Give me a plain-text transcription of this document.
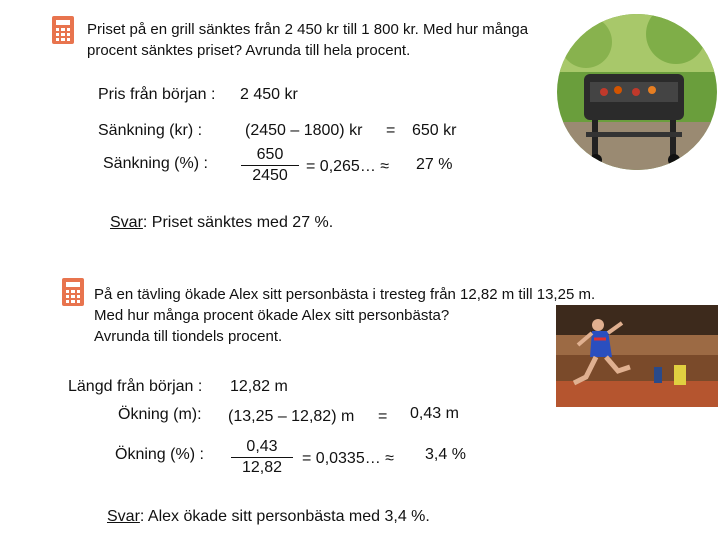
Priset på en grill sänktes från 2 450 kr till 1 800 kr. Med hur många
procent sänktes priset? Avrunda till hela procent.
Pris från början : 2 450 kr
Sänkning (kr) :	(2450 – 1800) kr = 650 kr
Sänkning (%) : $\frac{650}{2450}$ = 0,265… ≈ 27 %
Svar: Priset sänktes med 27 %.
På en tävling ökade Alex sitt personbästa i tresteg från 12,82 m till 13,25 m.
Med hur många procent ökade Alex sitt personbästa?
Avrunda till tiondels procent.
Längd från början : 12,82 m
Ökning (m): (13,25 – 12,82) m = 0,43 m
Ökning (%) : $\frac{0,43}{12,82}$ = 0,0335… ≈ 3,4 %
Svar: Alex ökade sitt personbästa med 3,4 %.
